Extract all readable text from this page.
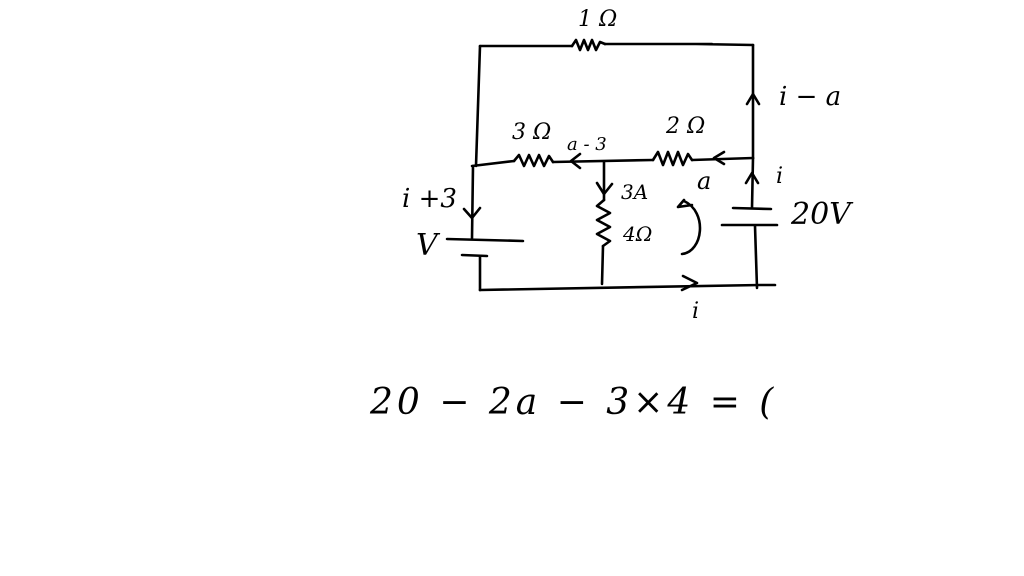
1 Ω
3 Ω	2 Ω
4Ω
i − a
a - 3
3A a	i
i +3
V
20V
i
20 − 2a − 3×4 = (
